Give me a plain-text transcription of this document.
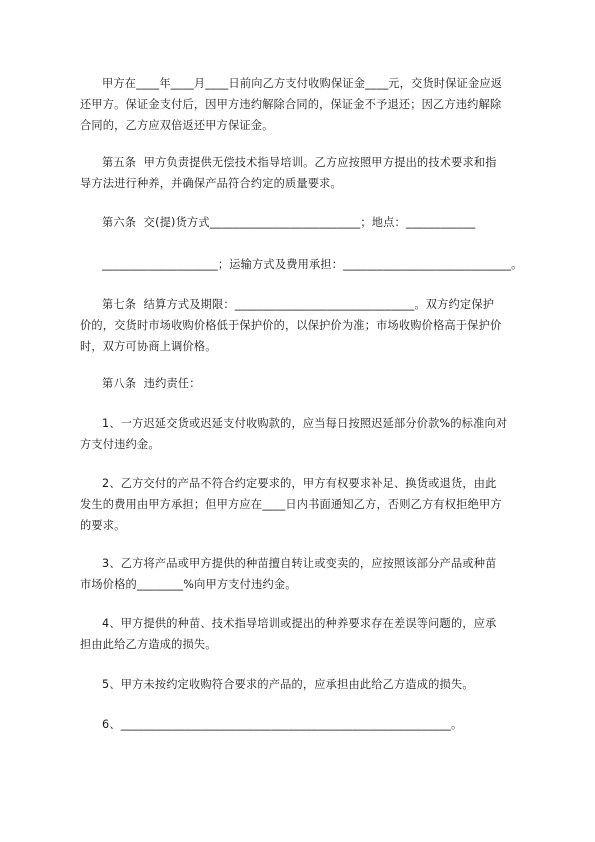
甲方在____年____月____日前向乙方支付收购保证金____元，交货时保证金应返
还甲方。保证金支付后，因甲方违约解除合同的，保证金不予退还；因乙方违约解除
合同的，乙方应双倍返还甲方保证金。
第五条  甲方负责提供无偿技术指导培训。乙方应按照甲方提出的技术要求和指
导方法进行种养，并确保产品符合约定的质量要求。
第六条  交(提)货方式__________________________；地点：____________
____________________；运输方式及费用承担：_____________________________。
第七条  结算方式及期限：_______________________________。双方约定保护
价的，交货时市场收购价格低于保护价的，以保护价为准；市场收购价格高于保护价
时，双方可协商上调价格。
第八条  违约责任：
1、一方迟延交货或迟延支付收购款的，应当每日按照迟延部分价款%的标准向对
方支付违约金。
2、乙方交付的产品不符合约定要求的，甲方有权要求补足、换货或退货，由此
发生的费用由甲方承担；但甲方应在____日内书面通知乙方，否则乙方有权拒绝甲方
的要求。
3、乙方将产品或甲方提供的种苗擅自转让或变卖的，应按照该部分产品或种苗
市场价格的________%向甲方支付违约金。
4、甲方提供的种苗、技术指导培训或提出的种养要求存在差误等问题的，应承
担由此给乙方造成的损失。
5、甲方未按约定收购符合要求的产品的，应承担由此给乙方造成的损失。
6、_________________________________________________________。
